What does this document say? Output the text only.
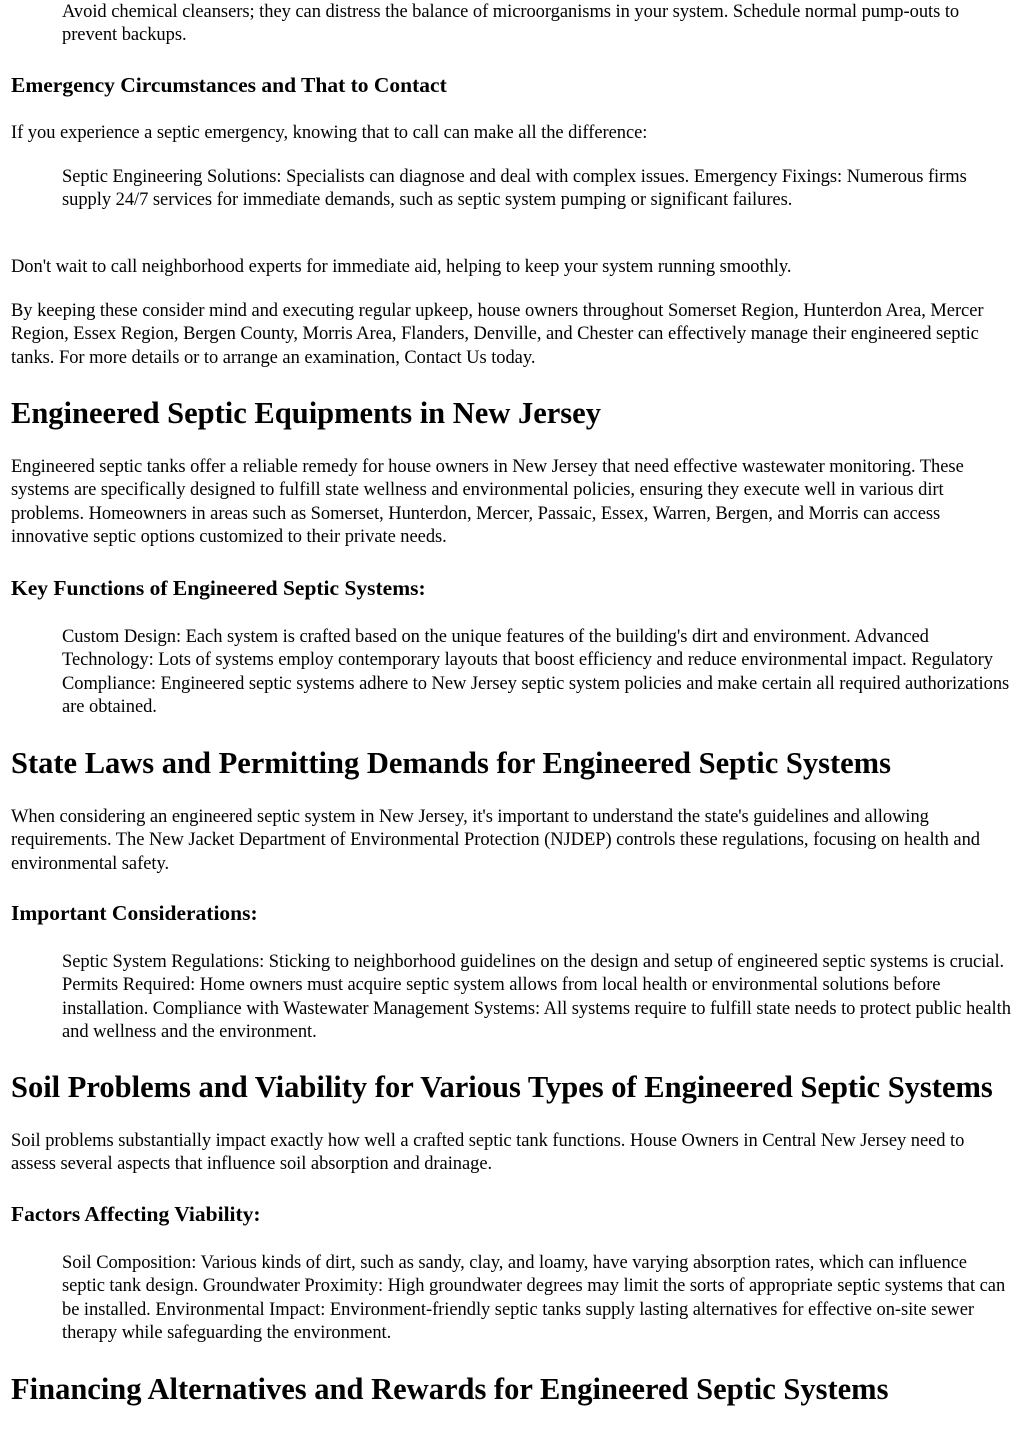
Avoid chemical cleansers; they can distress the balance of microorganisms in your system. Schedule normal pump-outs to prevent backups.
Emergency Circumstances and That to Contact

If you experience a septic emergency, knowing that to call can make all the difference:

Septic Engineering Solutions: Specialists can diagnose and deal with complex issues. Emergency Fixings: Numerous firms supply 24/7 services for immediate demands, such as septic system pumping or significant failures.

Don't wait to call neighborhood experts for immediate aid, helping to keep your system running smoothly.

By keeping these consider mind and executing regular upkeep, house owners throughout Somerset Region, Hunterdon Area, Mercer Region, Essex Region, Bergen County, Morris Area, Flanders, Denville, and Chester can effectively manage their engineered septic tanks. For more details or to arrange an examination, Contact Us today.

Engineered Septic Equipments in New Jersey

Engineered septic tanks offer a reliable remedy for house owners in New Jersey that need effective wastewater monitoring. These systems are specifically designed to fulfill state wellness and environmental policies, ensuring they execute well in various dirt problems. Homeowners in areas such as Somerset, Hunterdon, Mercer, Passaic, Essex, Warren, Bergen, and Morris can access innovative septic options customized to their private needs.

Key Functions of Engineered Septic Systems:
Custom Design: Each system is crafted based on the unique features of the building's dirt and environment. Advanced Technology: Lots of systems employ contemporary layouts that boost efficiency and reduce environmental impact. Regulatory Compliance: Engineered septic systems adhere to New Jersey septic system policies and make certain all required authorizations are obtained.
State Laws and Permitting Demands for Engineered Septic Systems

When considering an engineered septic system in New Jersey, it's important to understand the state's guidelines and allowing requirements. The New Jacket Department of Environmental Protection (NJDEP) controls these regulations, focusing on health and environmental safety.

Important Considerations:
Septic System Regulations: Sticking to neighborhood guidelines on the design and setup of engineered septic systems is crucial. Permits Required: Home owners must acquire septic system allows from local health or environmental solutions before installation. Compliance with Wastewater Management Systems: All systems require to fulfill state needs to protect public health and wellness and the environment.
Soil Problems and Viability for Various Types of Engineered Septic Systems

Soil problems substantially impact exactly how well a crafted septic tank functions. House Owners in Central New Jersey need to assess several aspects that influence soil absorption and drainage.

Factors Affecting Viability:
Soil Composition: Various kinds of dirt, such as sandy, clay, and loamy, have varying absorption rates, which can influence septic tank design. Groundwater Proximity: High groundwater degrees may limit the sorts of appropriate septic systems that can be installed. Environmental Impact: Environment-friendly septic tanks supply lasting alternatives for effective on-site sewer therapy while safeguarding the environment.
Financing Alternatives and Rewards for Engineered Septic Systems
